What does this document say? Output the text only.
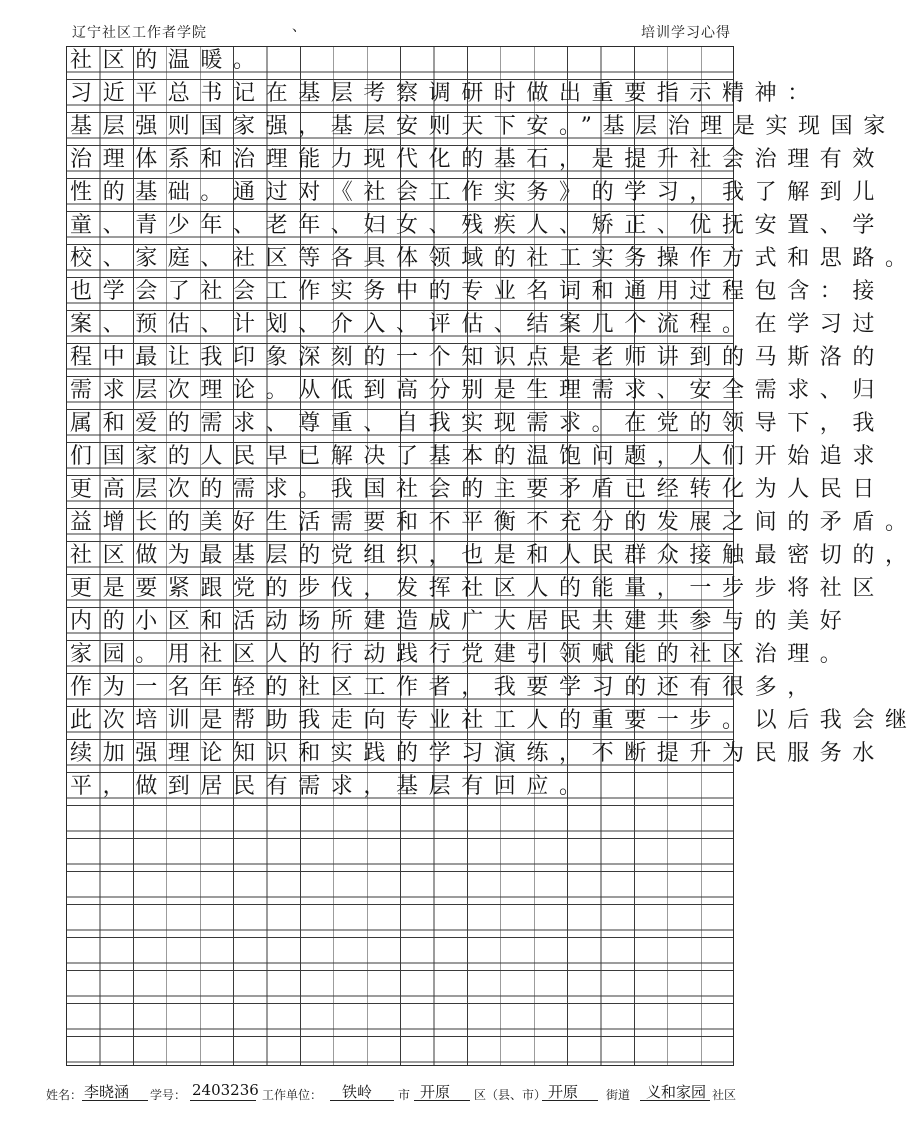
辽宁社区工作者学院	、	培训学习心得
社区的温暖。
习近平总书记在基层考察调研时做出重要指示精神：
基层强则国家强，基层安则天下安。”基层治理是实现国家
治理体系和治理能力现代化的基石，是提升社会治理有效
性的基础。通过对《社会工作实务》的学习，我了解到儿
童、青少年、老年、妇女、残疾人、矫正、优抚安置、学
校、家庭、社区等各具体领域的社工实务操作方式和思路。
也学会了社会工作实务中的专业名词和通用过程包含：接
案、预估、计划、介入、评估、结案几个流程。在学习过
程中最让我印象深刻的一个知识点是老师讲到的马斯洛的
需求层次理论。从低到高分别是生理需求、安全需求、归
属和爱的需求、尊重、自我实现需求。在党的领导下，我
们国家的人民早已解决了基本的温饱问题，人们开始追求
更高层次的需求。我国社会的主要矛盾已经转化为人民日
益增长的美好生活需要和不平衡不充分的发展之间的矛盾。
社区做为最基层的党组织，也是和人民群众接触最密切的，
更是要紧跟党的步伐，发挥社区人的能量，一步步将社区
内的小区和活动场所建造成广大居民共建共参与的美好
家园。用社区人的行动践行党建引领赋能的社区治理。
作为一名年轻的社区工作者，我要学习的还有很多，
此次培训是帮助我走向专业社工人的重要一步。以后我会继
续加强理论知识和实践的学习演练，不断提升为民服务水
平，做到居民有需求，基层有回应。
姓名： 李晓涵 学号： 2403236 工作单位： 铁岭 市 开原 区（县、市） 开原 街道 义和家园 社区
